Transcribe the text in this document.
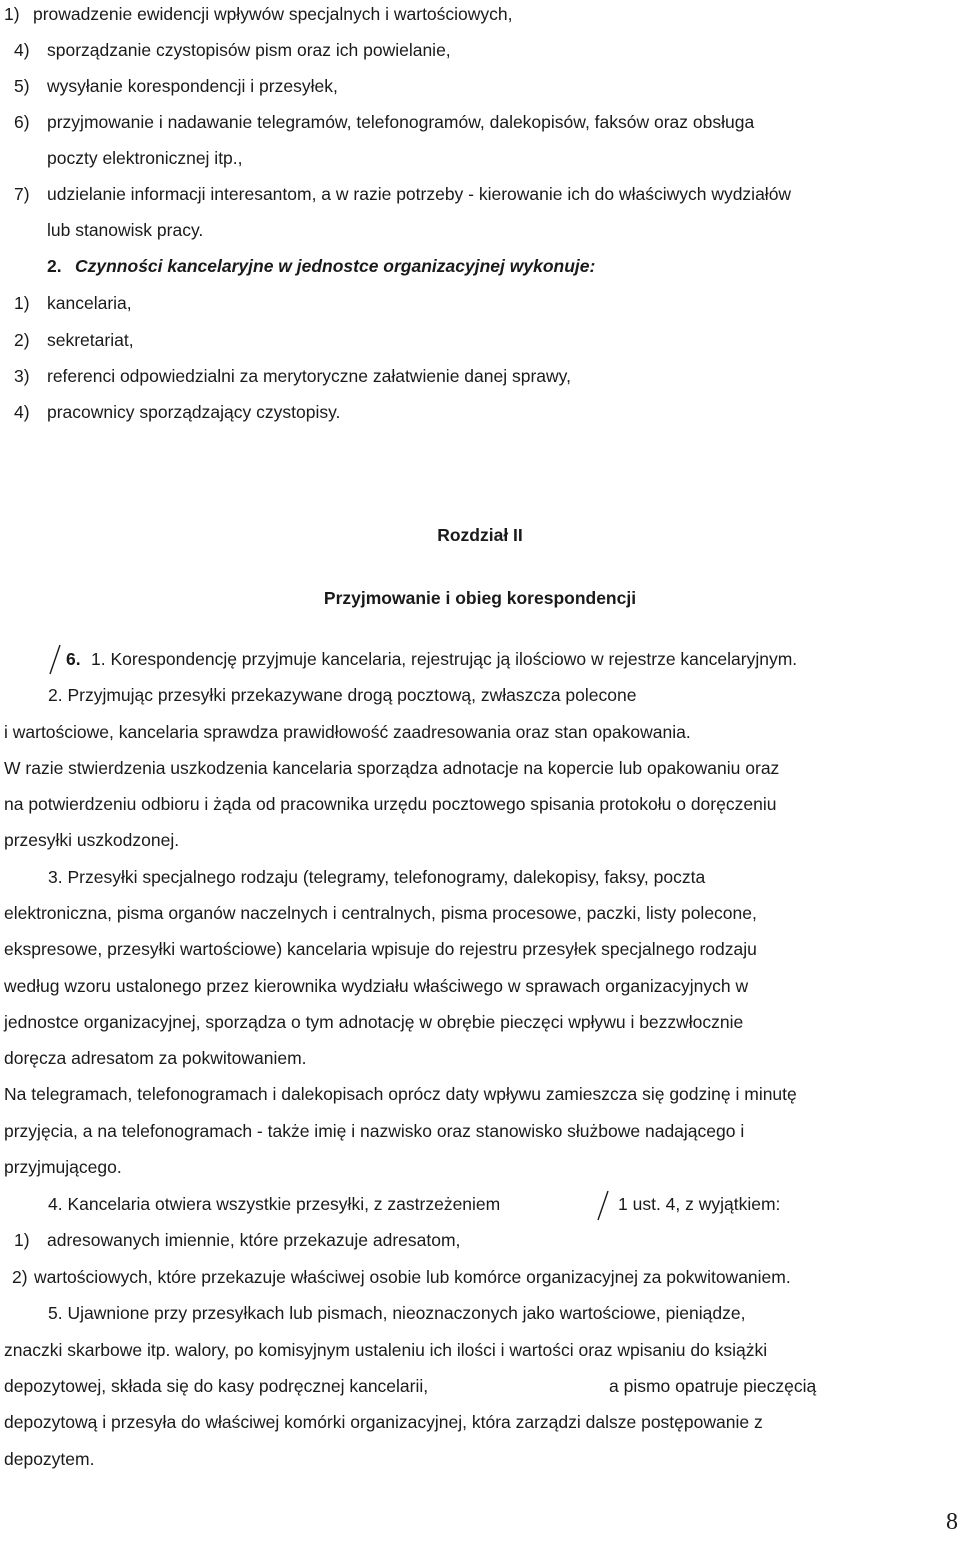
1) prowadzenie ewidencji wpływów specjalnych i wartościowych,
4) sporządzanie czystopisów pism oraz ich powielanie,
5) wysyłanie korespondencji i przesyłek,
6) przyjmowanie i nadawanie telegramów, telefonogramów, dalekopisów, faksów oraz obsługa
poczty elektronicznej itp.,
7) udzielanie informacji interesantom, a w razie potrzeby - kierowanie ich do właściwych wydziałów
lub stanowisk pracy.
2. Czynności kancelaryjne w jednostce organizacyjnej wykonuje:
1) kancelaria,
2) sekretariat,
3) referenci odpowiedzialni za merytoryczne załatwienie danej sprawy,
4) pracownicy sporządzający czystopisy.
Rozdział II
Przyjmowanie i obieg korespondencji
6. 1. Korespondencję przyjmuje kancelaria, rejestrując ją ilościowo w rejestrze kancelaryjnym.
2. Przyjmując przesyłki przekazywane drogą pocztową, zwłaszcza polecone
i wartościowe, kancelaria sprawdza prawidłowość zaadresowania oraz stan opakowania.
W razie stwierdzenia uszkodzenia kancelaria sporządza adnotacje na kopercie lub opakowaniu oraz
na potwierdzeniu odbioru i żąda od pracownika urzędu pocztowego spisania protokołu o doręczeniu
przesyłki uszkodzonej.
3. Przesyłki specjalnego rodzaju (telegramy, telefonogramy, dalekopisy, faksy, poczta
elektroniczna, pisma organów naczelnych i centralnych, pisma procesowe, paczki, listy polecone,
ekspresowe, przesyłki wartościowe) kancelaria wpisuje do rejestru przesyłek specjalnego rodzaju
według wzoru ustalonego przez kierownika wydziału właściwego w sprawach organizacyjnych w
jednostce organizacyjnej, sporządza o tym adnotację w obrębie pieczęci wpływu i bezzwłocznie
doręcza adresatom za pokwitowaniem.
Na telegramach, telefonogramach i dalekopisach oprócz daty wpływu zamieszcza się godzinę i minutę
przyjęcia, a na telefonogramach - także imię i nazwisko oraz stanowisko służbowe nadającego i
przyjmującego.
4. Kancelaria otwiera wszystkie przesyłki, z zastrzeżeniem	1 ust. 4, z wyjątkiem:
1) adresowanych imiennie, które przekazuje adresatom,
2) wartościowych, które przekazuje właściwej osobie lub komórce organizacyjnej za pokwitowaniem.
5. Ujawnione przy przesyłkach lub pismach, nieoznaczonych jako wartościowe, pieniądze,
znaczki skarbowe itp. walory, po komisyjnym ustaleniu ich ilości i wartości oraz wpisaniu do książki
depozytowej, składa się do kasy podręcznej kancelarii,	a pismo opatruje pieczęcią
depozytową i przesyła do właściwej komórki organizacyjnej, która zarządzi dalsze postępowanie z
depozytem.
8
